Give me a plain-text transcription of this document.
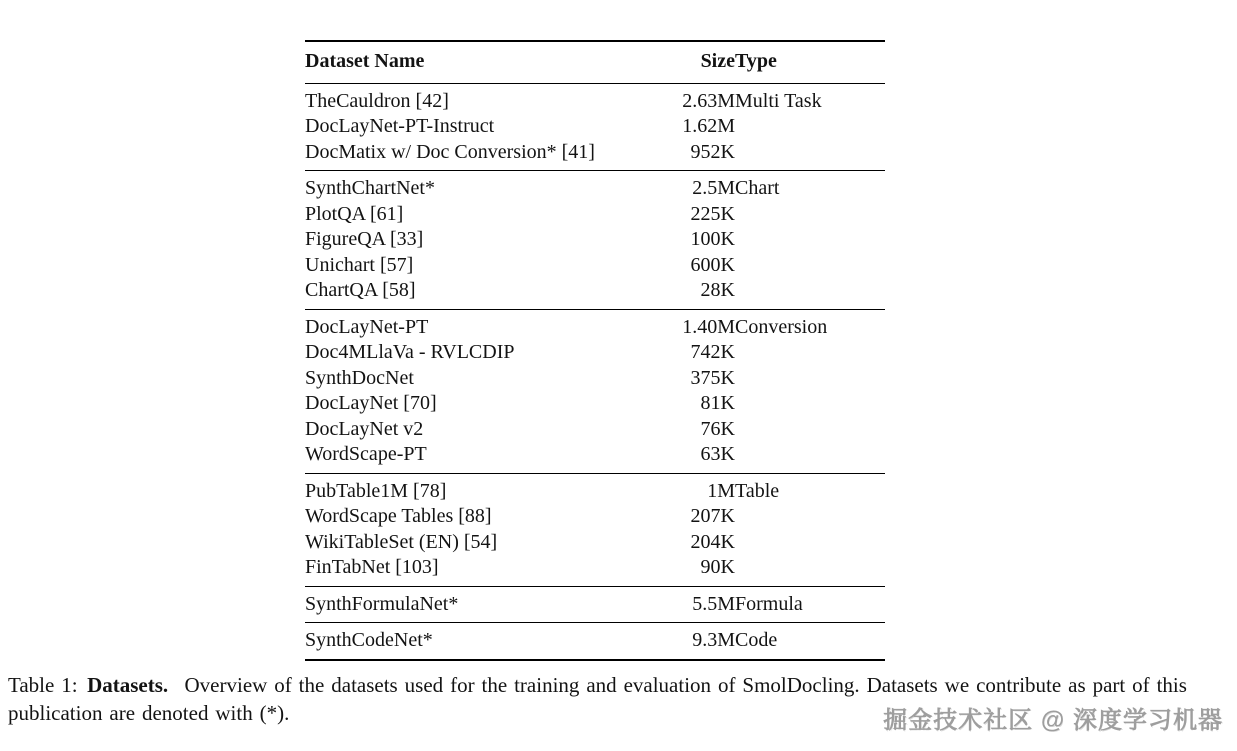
Dataset Name	Size	Type
TheCauldron [42]	2.63M	Multi Task
DocLayNet-PT-Instruct	1.62M	
DocMatix w/ Doc Conversion* [41]	952K	
SynthChartNet*	2.5M	Chart
PlotQA [61]	225K	
FigureQA [33]	100K	
Unichart [57]	600K	
ChartQA [58]	28K	
DocLayNet-PT	1.40M	Conversion
Doc4MLlaVa - RVLCDIP	742K	
SynthDocNet	375K	
DocLayNet [70]	81K	
DocLayNet v2	76K	
WordScape-PT	63K	
PubTable1M [78]	1M	Table
WordScape Tables [88]	207K	
WikiTableSet (EN) [54]	204K	
FinTabNet [103]	90K	
SynthFormulaNet*	5.5M	Formula
SynthCodeNet*	9.3M	Code
Table 1: Datasets. Overview of the datasets used for the training and evaluation of SmolDocling. Datasets we contribute as part of this publication are denoted with (*).	掘金技术社区 @ 深度学习机器
